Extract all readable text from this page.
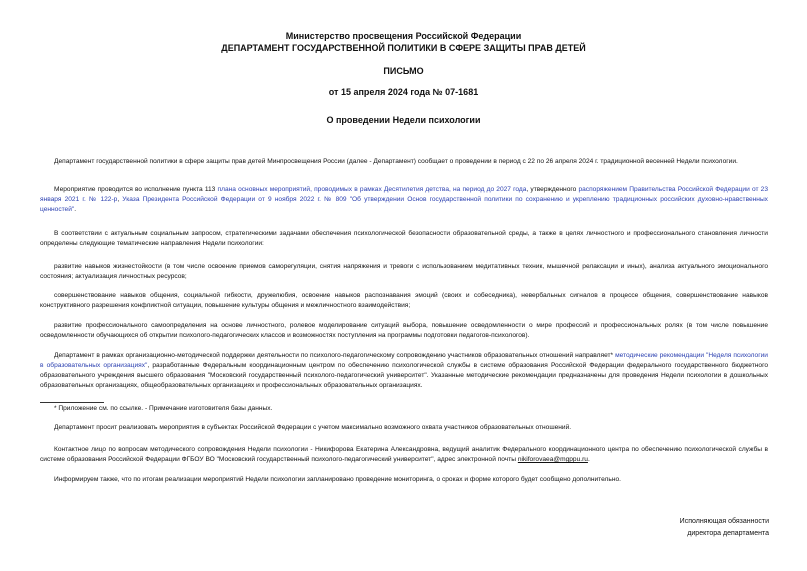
Министерство просвещения Российской Федерации
ДЕПАРТАМЕНТ ГОСУДАРСТВЕННОЙ ПОЛИТИКИ В СФЕРЕ ЗАЩИТЫ ПРАВ ДЕТЕЙ
ПИСЬМО
от 15 апреля 2024 года № 07-1681
О проведении Недели психологии

Департамент государственной политики в сфере защиты прав детей Минпросвещения России (далее - Департамент) сообщает о проведении в период с 22 по 26 апреля 2024 г. традиционной весенней Недели психологии.

Мероприятие проводится во исполнение пункта 113 плана основных мероприятий, проводимых в рамках Десятилетия детства, на период до 2027 года, утвержденного распоряжением Правительства Российской Федерации от 23 января 2021 г. № 122-р, Указа Президента Российской Федерации от 9 ноября 2022 г. № 809 "Об утверждении Основ государственной политики по сохранению и укреплению традиционных российских духовно-нравственных ценностей".

В соответствии с актуальным социальным запросом, стратегическими задачами обеспечения психологической безопасности образовательной среды, а также в целях личностного и профессионального становления личности определены следующие тематические направления Недели психологии:

развитие навыков жизнестойкости (в том числе освоение приемов саморегуляции, снятия напряжения и тревоги с использованием медитативных техник, мышечной релаксации и иных), анализа актуального эмоционального состояния; актуализация личностных ресурсов;

совершенствование навыков общения, социальной гибкости, дружелюбия, освоение навыков распознавания эмоций (своих и собеседника), невербальных сигналов в процессе общения, совершенствование навыков конструктивного разрешения конфликтной ситуации, повышение культуры общения и межличностного взаимодействия;

развитие профессионального самоопределения на основе личностного, ролевое моделирование ситуаций выбора, повышение осведомленности о мире профессий и профессиональных ролях (в том числе повышение осведомленности обучающихся об открытии психолого-педагогических классов и возможностях поступления на программы подготовки педагогов-психологов).

Департамент в рамках организационно-методической поддержки деятельности по психолого-педагогическому сопровождению участников образовательных отношений направляет* методические рекомендации "Неделя психологии в образовательных организациях", разработанные Федеральным координационным центром по обеспечению психологической службы в системе образования Российской Федерации федерального государственного бюджетного образовательного учреждения высшего образования "Московский государственный психолого-педагогический университет". Указанные методические рекомендации предназначены для проведения Недели психологии в дошкольных образовательных организациях, общеобразовательных организациях и профессиональных образовательных организациях.

* Приложение см. по ссылке. - Примечание изготовителя базы данных.

Департамент просит реализовать мероприятия в субъектах Российской Федерации с учетом максимально возможного охвата участников образовательных отношений.

Контактное лицо по вопросам методического сопровождения Недели психологии - Никифорова Екатерина Александровна, ведущий аналитик Федерального координационного центра по обеспечению психологической службы в системе образования Российской Федерации ФГБОУ ВО "Московский государственный психолого-педагогический университет", адрес электронной почты nikiforovaea@mgppu.ru.

Информируем также, что по итогам реализации мероприятий Недели психологии запланировано проведение мониторинга, о сроках и форме которого будет сообщено дополнительно.

Исполняющая обязанности
директора департамента
